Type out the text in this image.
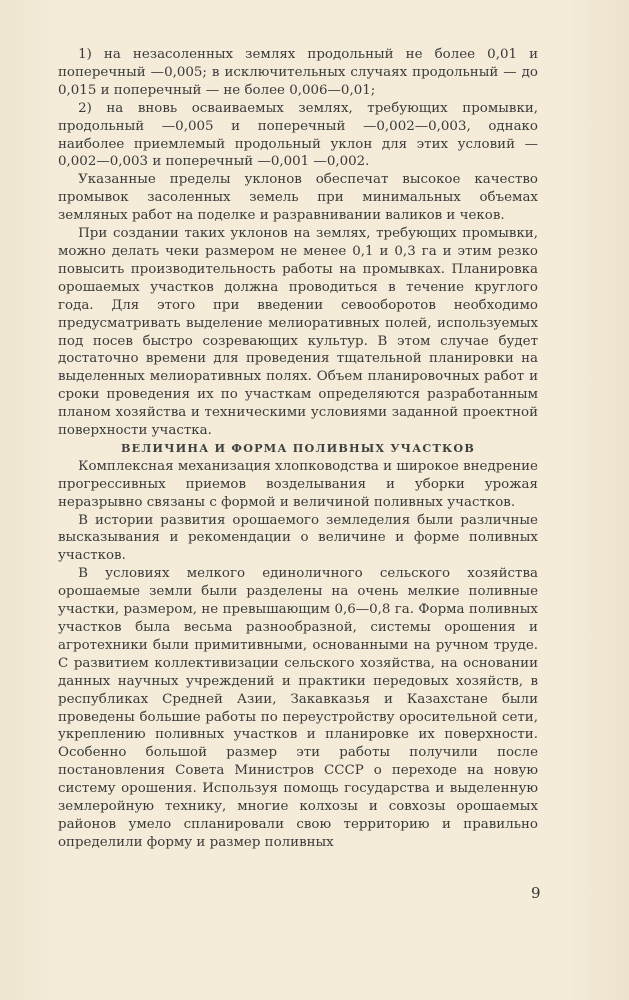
1) на незасоленных землях продольный не более 0,01 и поперечный —0,005; в исключительных случаях продольный — до 0,015 и поперечный — не более 0,006—0,01;

2) на вновь осваиваемых землях, требующих промывки, продольный —0,005 и поперечный —0,002—0,003, однако наиболее приемлемый продольный уклон для этих условий — 0,002—0,003 и поперечный —0,001 —0,002.

Указанные пределы уклонов обеспечат высокое качество промывок засоленных земель при минимальных объемах земляных работ на поделке и разравнивании валиков и чеков.

При создании таких уклонов на землях, требующих промывки, можно делать чеки размером не менее 0,1 и 0,3 га и этим резко повысить производительность работы на промывках. Планировка орошаемых участков должна проводиться в течение круглого года. Для этого при введении севооборотов необходимо предусматривать выделение мелиоративных полей, используемых под посев быстро созревающих культур. В этом случае будет достаточно времени для проведения тщательной планировки на выделенных мелиоративных полях. Объем планировочных работ и сроки проведения их по участкам определяются разработанным планом хозяйства и техническими условиями заданной проектной поверхности участка.

ВЕЛИЧИНА И ФОРМА ПОЛИВНЫХ УЧАСТКОВ

Комплексная механизация хлопководства и широкое внедрение прогрессивных приемов возделывания и уборки урожая неразрывно связаны с формой и величиной поливных участков.

В истории развития орошаемого земледелия были различные высказывания и рекомендации о величине и форме поливных участков.

В условиях мелкого единоличного сельского хозяйства орошаемые земли были разделены на очень мелкие поливные участки, размером, не превышающим 0,6—0,8 га. Форма поливных участков была весьма разнообразной, системы орошения и агротехники были примитивными, основанными на ручном труде. С развитием коллективизации сельского хозяйства, на основании данных научных учреждений и практики передовых хозяйств, в республиках Средней Азии, Закавказья и Казахстане были проведены большие работы по переустройству оросительной сети, укреплению поливных участков и планировке их поверхности. Особенно большой размер эти работы получили после постановления Совета Министров СССР о переходе на новую систему орошения. Используя помощь государства и выделенную землеройную технику, многие колхозы и совхозы орошаемых районов умело спланировали свою территорию и правильно определили форму и размер поливных

9
